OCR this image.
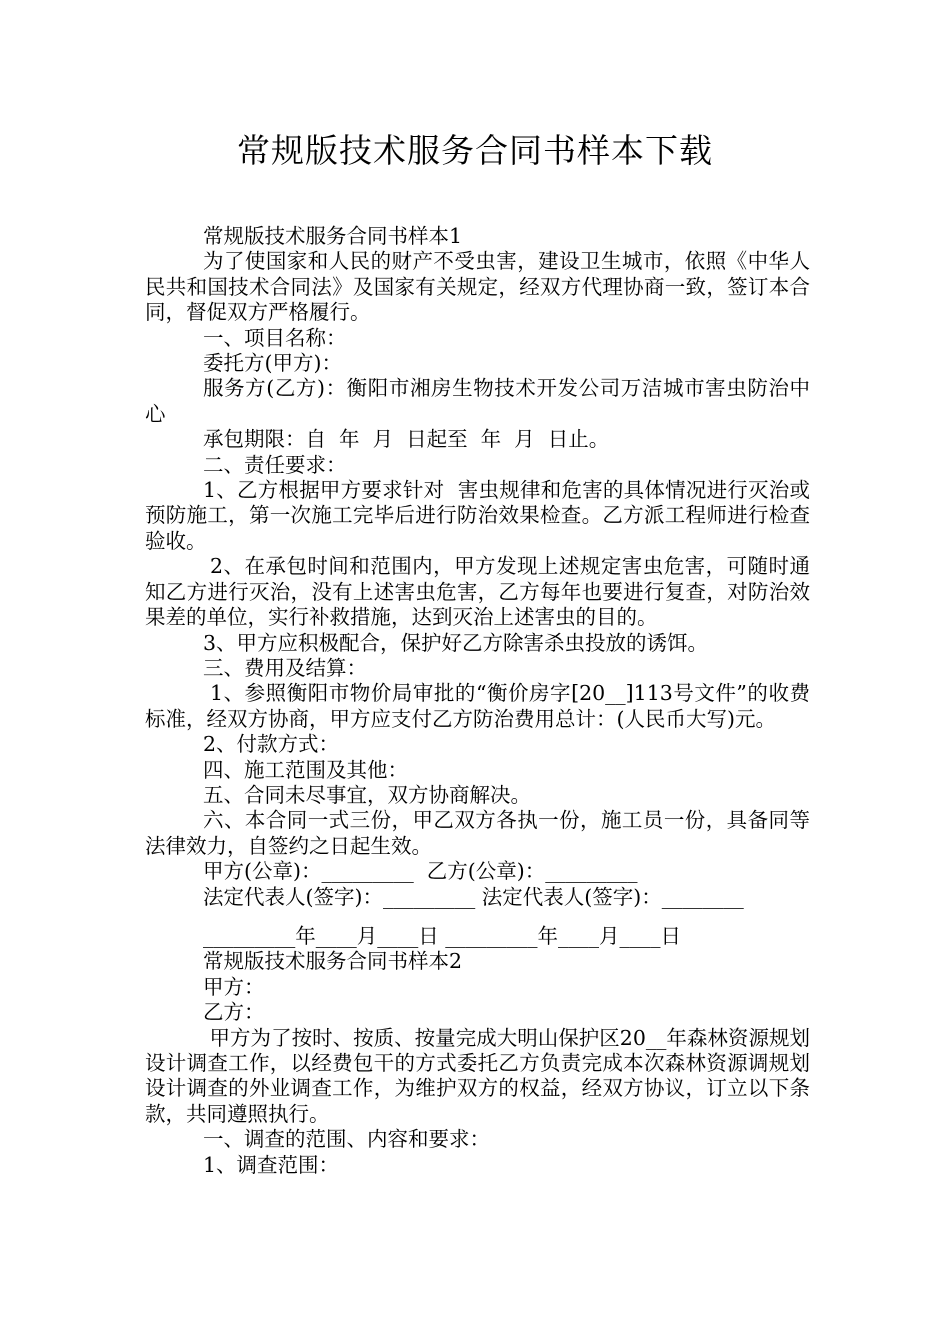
常规版技术服务合同书样本下载

常规版技术服务合同书样本1

为了使国家和人民的财产不受虫害，建设卫生城市，依照《中华人民共和国技术合同法》及国家有关规定，经双方代理协商一致，签订本合同，督促双方严格履行。

一、项目名称：

委托方(甲方)：

服务方(乙方)：衡阳市湘房生物技术开发公司万洁城市害虫防治中心

承包期限：自  年  月  日起至  年  月  日止。

二、责任要求：

1、乙方根据甲方要求针对  害虫规律和危害的具体情况进行灭治或预防施工，第一次施工完毕后进行防治效果检查。乙方派工程师进行检查验收。

2、在承包时间和范围内，甲方发现上述规定害虫危害，可随时通知乙方进行灭治，没有上述害虫危害，乙方每年也要进行复查，对防治效果差的单位，实行补救措施，达到灭治上述害虫的目的。

3、甲方应积极配合，保护好乙方除害杀虫投放的诱饵。

三、费用及结算：

1、参照衡阳市物价局审批的“衡价房字[20__]113号文件”的收费标准，经双方协商，甲方应支付乙方防治费用总计：(人民币大写)元。

2、付款方式：

四、施工范围及其他：

五、合同未尽事宜，双方协商解决。

六、本合同一式三份，甲乙双方各执一份，施工员一份，具备同等法律效力，自签约之日起生效。

甲方(公章)：_________  乙方(公章)：_________

法定代表人(签字)：_________ 法定代表人(签字)：________

_________年____月____日 _________年____月____日

常规版技术服务合同书样本2

甲方：

乙方：

甲方为了按时、按质、按量完成大明山保护区20__年森林资源规划设计调查工作，以经费包干的方式委托乙方负责完成本次森林资源调规划设计调查的外业调查工作，为维护双方的权益，经双方协议，订立以下条款，共同遵照执行。

一、调查的范围、内容和要求：

1、调查范围：
